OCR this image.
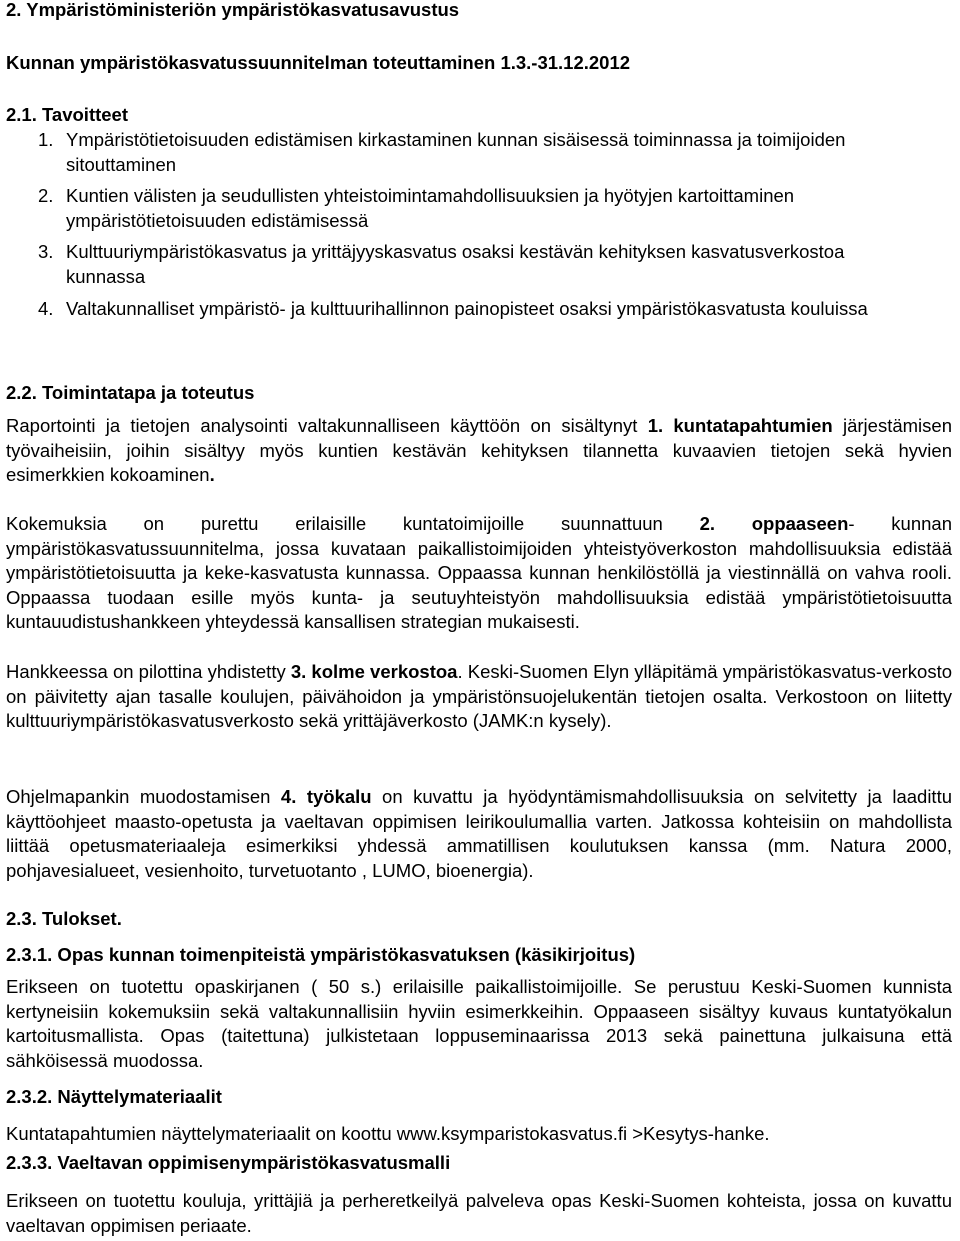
2. Ympäristöministeriön ympäristökasvatusavustus
Kunnan ympäristökasvatussuunnitelman toteuttaminen 1.3.-31.12.2012
2.1. Tavoitteet
1. Ympäristötietoisuuden edistämisen kirkastaminen kunnan sisäisessä toiminnassa ja toimijoiden sitouttaminen
2. Kuntien välisten ja seudullisten yhteistoimintamahdollisuuksien ja hyötyjen kartoittaminen ympäristötietoisuuden edistämisessä
3. Kulttuuriympäristökasvatus ja yrittäjyyskasvatus osaksi kestävän kehityksen kasvatusverkostoa kunnassa
4. Valtakunnalliset ympäristö- ja kulttuurihallinnon painopisteet osaksi ympäristökasvatusta kouluissa
2.2. Toimintatapa ja toteutus

Raportointi ja tietojen analysointi valtakunnalliseen käyttöön on sisältynyt 1. kuntatapahtumien järjestämisen työvaiheisiin, joihin sisältyy myös kuntien kestävän kehityksen tilannetta kuvaavien tietojen sekä hyvien esimerkkien kokoaminen.

Kokemuksia on purettu erilaisille kuntatoimijoille suunnattuun 2. oppaaseen- kunnan ympäristökasvatussuunnitelma, jossa kuvataan paikallistoimijoiden yhteistyöverkoston mahdollisuuksia edistää ympäristötietoisuutta ja keke-kasvatusta kunnassa. Oppaassa kunnan henkilöstöllä ja viestinnällä on vahva rooli. Oppaassa tuodaan esille myös kunta- ja seutuyhteistyön mahdollisuuksia edistää ympäristötietoisuutta kuntauudistushankkeen yhteydessä kansallisen strategian mukaisesti.

Hankkeessa on pilottina yhdistetty 3. kolme verkostoa. Keski-Suomen Elyn ylläpitämä ympäristökasvatus-verkosto on päivitetty ajan tasalle koulujen, päivähoidon ja ympäristönsuojelukentän tietojen osalta. Verkostoon on liitetty kulttuuriympäristökasvatusverkosto sekä yrittäjäverkosto (JAMK:n kysely).

Ohjelmapankin muodostamisen 4. työkalu on kuvattu ja hyödyntämismahdollisuuksia on selvitetty ja laadittu käyttöohjeet maasto-opetusta ja vaeltavan oppimisen leirikoulumallia varten. Jatkossa kohteisiin on mahdollista liittää opetusmateriaaleja esimerkiksi yhdessä ammatillisen koulutuksen kanssa (mm. Natura 2000, pohjavesialueet, vesienhoito, turvetuotanto , LUMO, bioenergia).

2.3. Tulokset.
2.3.1. Opas kunnan toimenpiteistä ympäristökasvatuksen (käsikirjoitus)

Erikseen on tuotettu opaskirjanen ( 50 s.) erilaisille paikallistoimijoille. Se perustuu Keski-Suomen kunnista kertyneisiin kokemuksiin sekä valtakunnallisiin hyviin esimerkkeihin. Oppaaseen sisältyy kuvaus kuntatyökalun kartoitusmallista. Opas (taitettuna) julkistetaan loppuseminaarissa 2013 sekä painettuna julkaisuna että sähköisessä muodossa.

2.3.2. Näyttelymateriaalit

Kuntatapahtumien näyttelymateriaalit on koottu www.ksymparistokasvatus.fi >Kesytys-hanke.

2.3.3. Vaeltavan oppimisenympäristökasvatusmalli

Erikseen on tuotettu kouluja, yrittäjiä ja perheretkeilyä palveleva opas Keski-Suomen kohteista, jossa on kuvattu vaeltavan oppimisen periaate.
